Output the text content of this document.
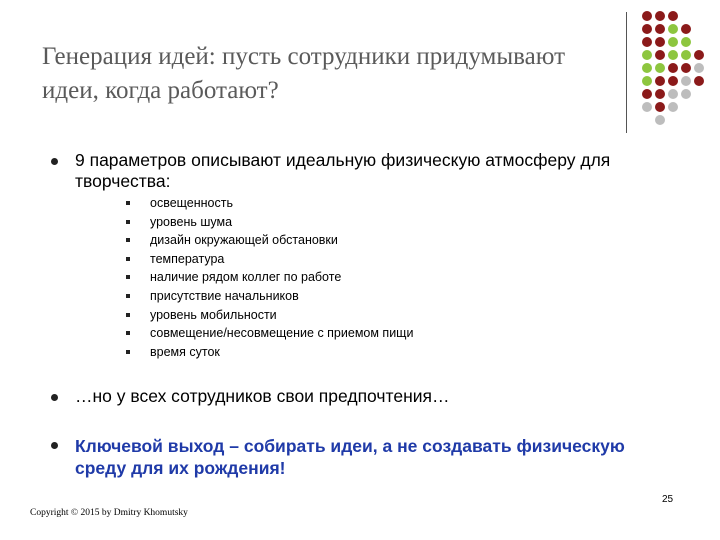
Генерация идей: пусть сотрудники придумывают идеи, когда работают?
9 параметров описывают идеальную физическую атмосферу для творчества:
освещенность
уровень шума
дизайн окружающей обстановки
температура
наличие рядом коллег по работе
присутствие начальников
уровень мобильности
совмещение/несовмещение с приемом пищи
время суток
…но у всех сотрудников свои предпочтения…
Ключевой выход – собирать идеи, а не создавать физическую среду для их рождения!
25
Copyright © 2015 by Dmitry Khomutsky
